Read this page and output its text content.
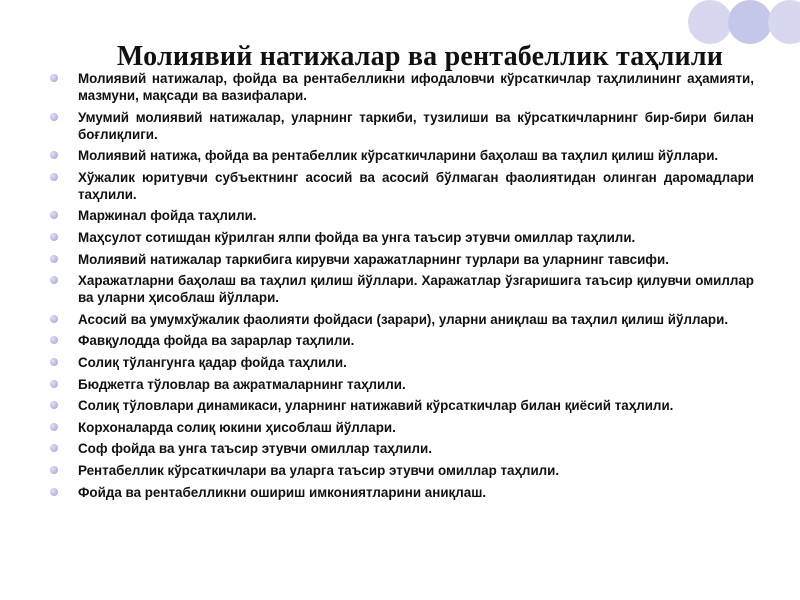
Молиявий натижалар ва рентабеллик таҳлили
Молиявий натижалар, фойда ва рентабелликни ифодаловчи кўрсаткичлар таҳлилининг аҳамияти, мазмуни, мақсади ва вазифалари.
Умумий молиявий натижалар, уларнинг таркиби, тузилиши ва кўрсаткичларнинг бир-бири билан боғлиқлиги.
Молиявий натижа, фойда ва рентабеллик кўрсаткичларини баҳолаш ва таҳлил қилиш йўллари.
Хўжалик юритувчи субъектнинг асосий ва асосий бўлмаган фаолиятидан олинган даромадлари таҳлили.
Маржинал фойда таҳлили.
Маҳсулот сотишдан кўрилган ялпи фойда ва унга таъсир этувчи омиллар таҳлили.
Молиявий натижалар таркибига кирувчи харажатларнинг турлари ва уларнинг тавсифи.
Харажатларни баҳолаш ва таҳлил қилиш йўллари. Харажатлар ўзгаришига таъсир қилувчи омиллар ва уларни ҳисоблаш йўллари.
Асосий ва умумхўжалик фаолияти фойдаси (зарари), уларни аниқлаш ва таҳлил қилиш йўллари.
Фавқулодда фойда ва зарарлар таҳлили.
Солиқ тўлангунга қадар фойда таҳлили.
Бюджетга тўловлар ва ажратмаларнинг таҳлили.
Солиқ тўловлари динамикаси, уларнинг натижавий кўрсаткичлар билан қиёсий таҳлили.
Корхоналарда солиқ юкини ҳисоблаш йўллари.
Соф фойда ва унга таъсир этувчи омиллар таҳлили.
Рентабеллик кўрсаткичлари ва уларга таъсир этувчи омиллар таҳлили.
Фойда ва рентабелликни ошириш имкониятларини аниқлаш.
